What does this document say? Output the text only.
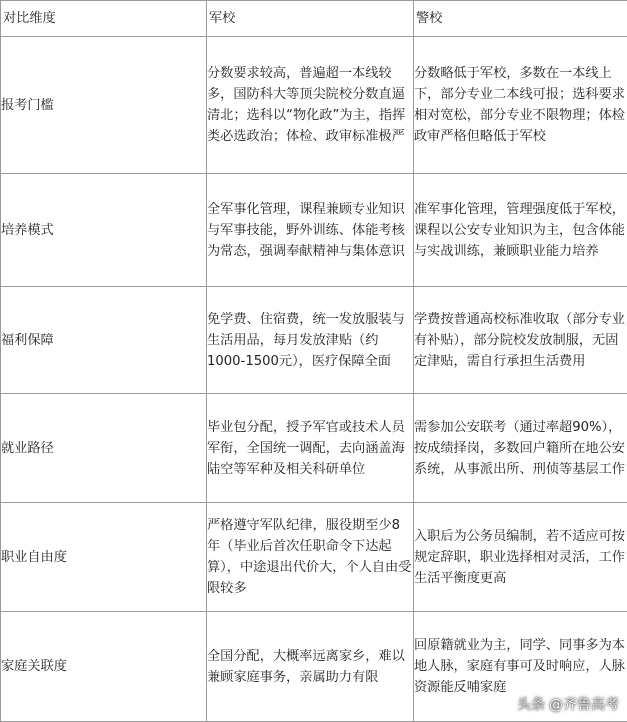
对比维度	军校	警校

报考门槛	分数要求较高，普遍超一本线较多，国防科大等顶尖院校分数直逼清北；选科以“物化政”为主，指挥类必选政治；体检、政审标准极严	分数略低于军校，多数在一本线上下，部分专业二本线可报；选科要求相对宽松，部分专业不限物理；体检政审严格但略低于军校
培养模式	全军事化管理，课程兼顾专业知识与军事技能，野外训练、体能考核为常态，强调奉献精神与集体意识	准军事化管理，管理强度低于军校，课程以公安专业知识为主，包含体能与实战训练，兼顾职业能力培养
福利保障	免学费、住宿费，统一发放服装与生活用品，每月发放津贴（约1000-1500元），医疗保障全面	学费按普通高校标准收取（部分专业有补贴），部分院校发放制服，无固定津贴，需自行承担生活费用
就业路径	毕业包分配，授予军官或技术人员军衔，全国统一调配，去向涵盖海陆空等军种及相关科研单位	需参加公安联考（通过率超90%），按成绩择岗，多数回户籍所在地公安系统，从事派出所、刑侦等基层工作
职业自由度	严格遵守军队纪律，服役期至少8年（毕业后首次任职命令下达起算），中途退出代价大，个人自由受限较多	入职后为公务员编制，若不适应可按规定辞职，职业选择相对灵活，工作生活平衡度更高
家庭关联度	全国分配，大概率远离家乡，难以兼顾家庭事务，亲属助力有限	回原籍就业为主，同学、同事多为本地人脉，家庭有事可及时响应，人脉资源能反哺家庭
头条 @齐鲁高考
